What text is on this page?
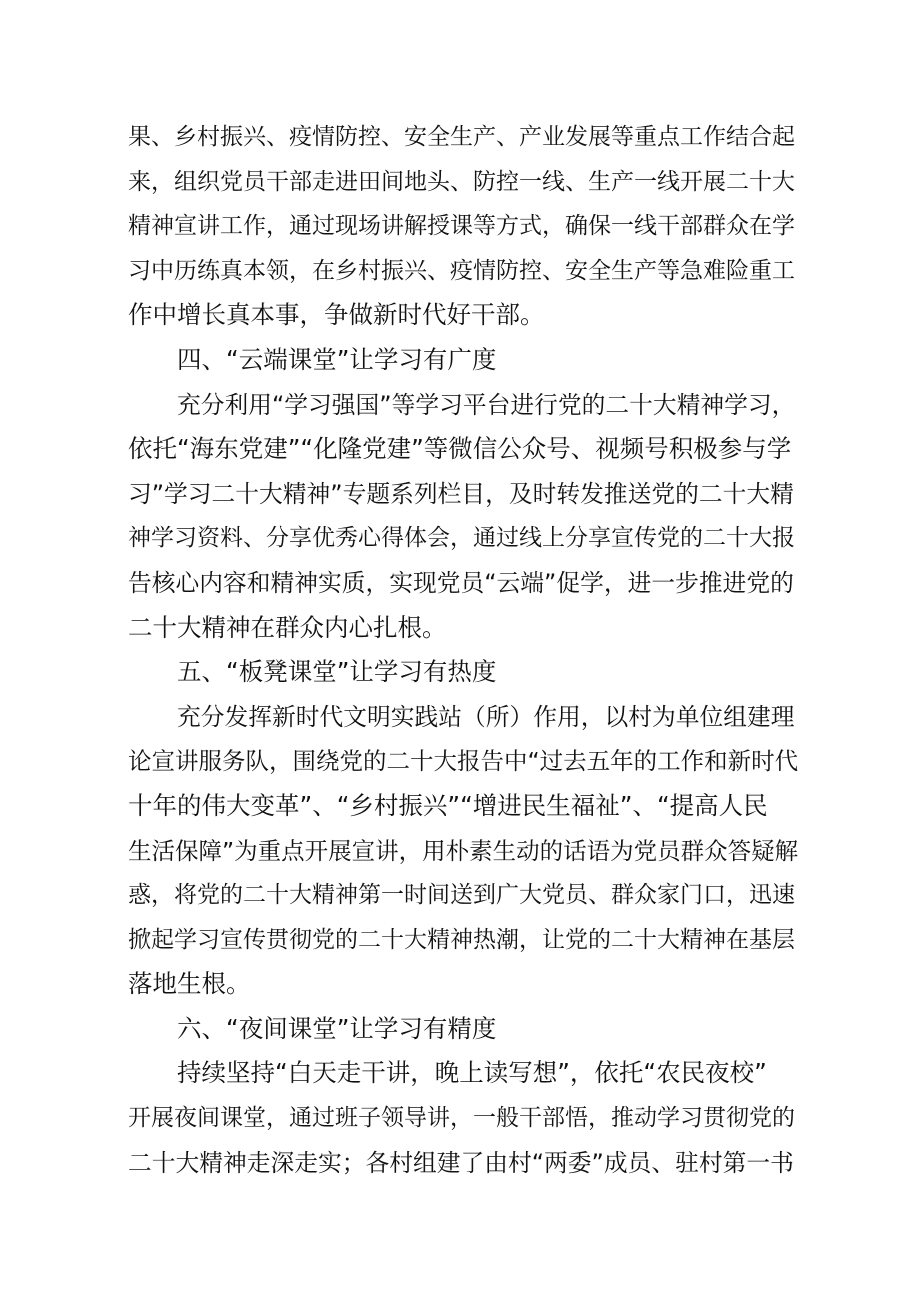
果、乡村振兴、疫情防控、安全生产、产业发展等重点工作结合起
来，组织党员干部走进田间地头、防控一线、生产一线开展二十大
精神宣讲工作，通过现场讲解授课等方式，确保一线干部群众在学
习中历练真本领，在乡村振兴、疫情防控、安全生产等急难险重工
作中增长真本事，争做新时代好干部。
四、“云端课堂”让学习有广度
充分利用“学习强国”等学习平台进行党的二十大精神学习，
依托“海东党建”“化隆党建”等微信公众号、视频号积极参与学
习”学习二十大精神”专题系列栏目，及时转发推送党的二十大精
神学习资料、分享优秀心得体会，通过线上分享宣传党的二十大报
告核心内容和精神实质，实现党员“云端”促学，进一步推进党的
二十大精神在群众内心扎根。
五、“板凳课堂”让学习有热度
充分发挥新时代文明实践站（所）作用，以村为单位组建理
论宣讲服务队，围绕党的二十大报告中“过去五年的工作和新时代
十年的伟大变革”、“乡村振兴”“增进民生福祉”、“提高人民
生活保障”为重点开展宣讲，用朴素生动的话语为党员群众答疑解
惑，将党的二十大精神第一时间送到广大党员、群众家门口，迅速
掀起学习宣传贯彻党的二十大精神热潮，让党的二十大精神在基层
落地生根。
六、“夜间课堂”让学习有精度
持续坚持“白天走干讲，晚上读写想”，依托“农民夜校”
开展夜间课堂，通过班子领导讲，一般干部悟，推动学习贯彻党的
二十大精神走深走实；各村组建了由村“两委”成员、驻村第一书
